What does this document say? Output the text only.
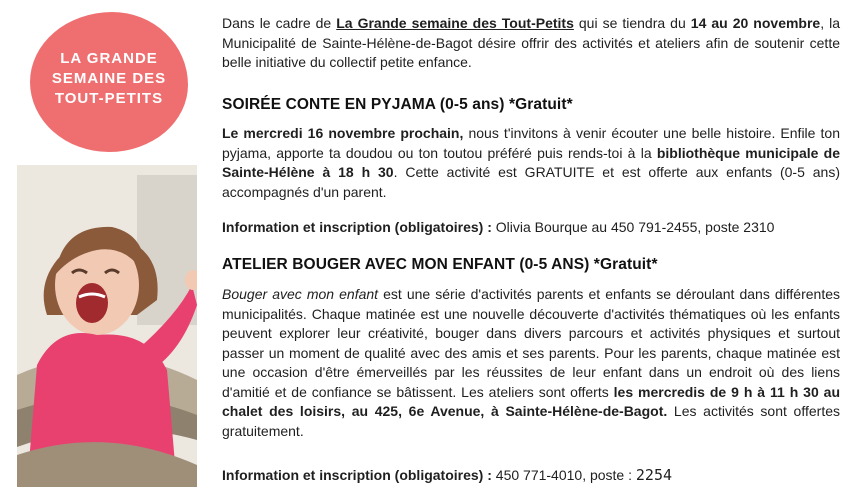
LA GRANDE
SEMAINE DES
TOUT-PETITS

Dans le cadre de La Grande semaine des Tout-Petits qui se tiendra du 14 au 20 novembre, la Municipalité de Sainte-Hélène-de-Bagot désire offrir des activités et ateliers afin de soutenir cette belle initiative du collectif petite enfance.

SOIRÉE CONTE EN PYJAMA (0-5 ans) *Gratuit*

Le mercredi 16 novembre prochain, nous t'invitons à venir écouter une belle histoire. Enfile ton pyjama, apporte ta doudou ou ton toutou préféré puis rends-toi à la bibliothèque municipale de Sainte-Hélène à 18 h 30. Cette activité est GRATUITE et est offerte aux enfants (0-5 ans) accompagnés d'un parent.

Information et inscription (obligatoires) : Olivia Bourque au 450 791-2455, poste 2310

ATELIER BOUGER AVEC MON ENFANT (0-5 ANS) *Gratuit*

Bouger avec mon enfant est une série d'activités parents et enfants se déroulant dans différentes municipalités. Chaque matinée est une nouvelle découverte d'activités thématiques où les enfants peuvent explorer leur créativité, bouger dans divers parcours et activités physiques et surtout passer un moment de qualité avec des amis et ses parents. Pour les parents, chaque matinée est une occasion d'être émerveillés par les réussites de leur enfant dans un endroit où des liens d'amitié et de confiance se bâtissent. Les ateliers sont offerts les mercredis de 9 h à 11 h 30 au chalet des loisirs, au 425, 6e Avenue, à Sainte-Hélène-de-Bagot. Les activités sont offertes gratuitement.

Information et inscription (obligatoires) : 450 771-4010, poste : 2254
